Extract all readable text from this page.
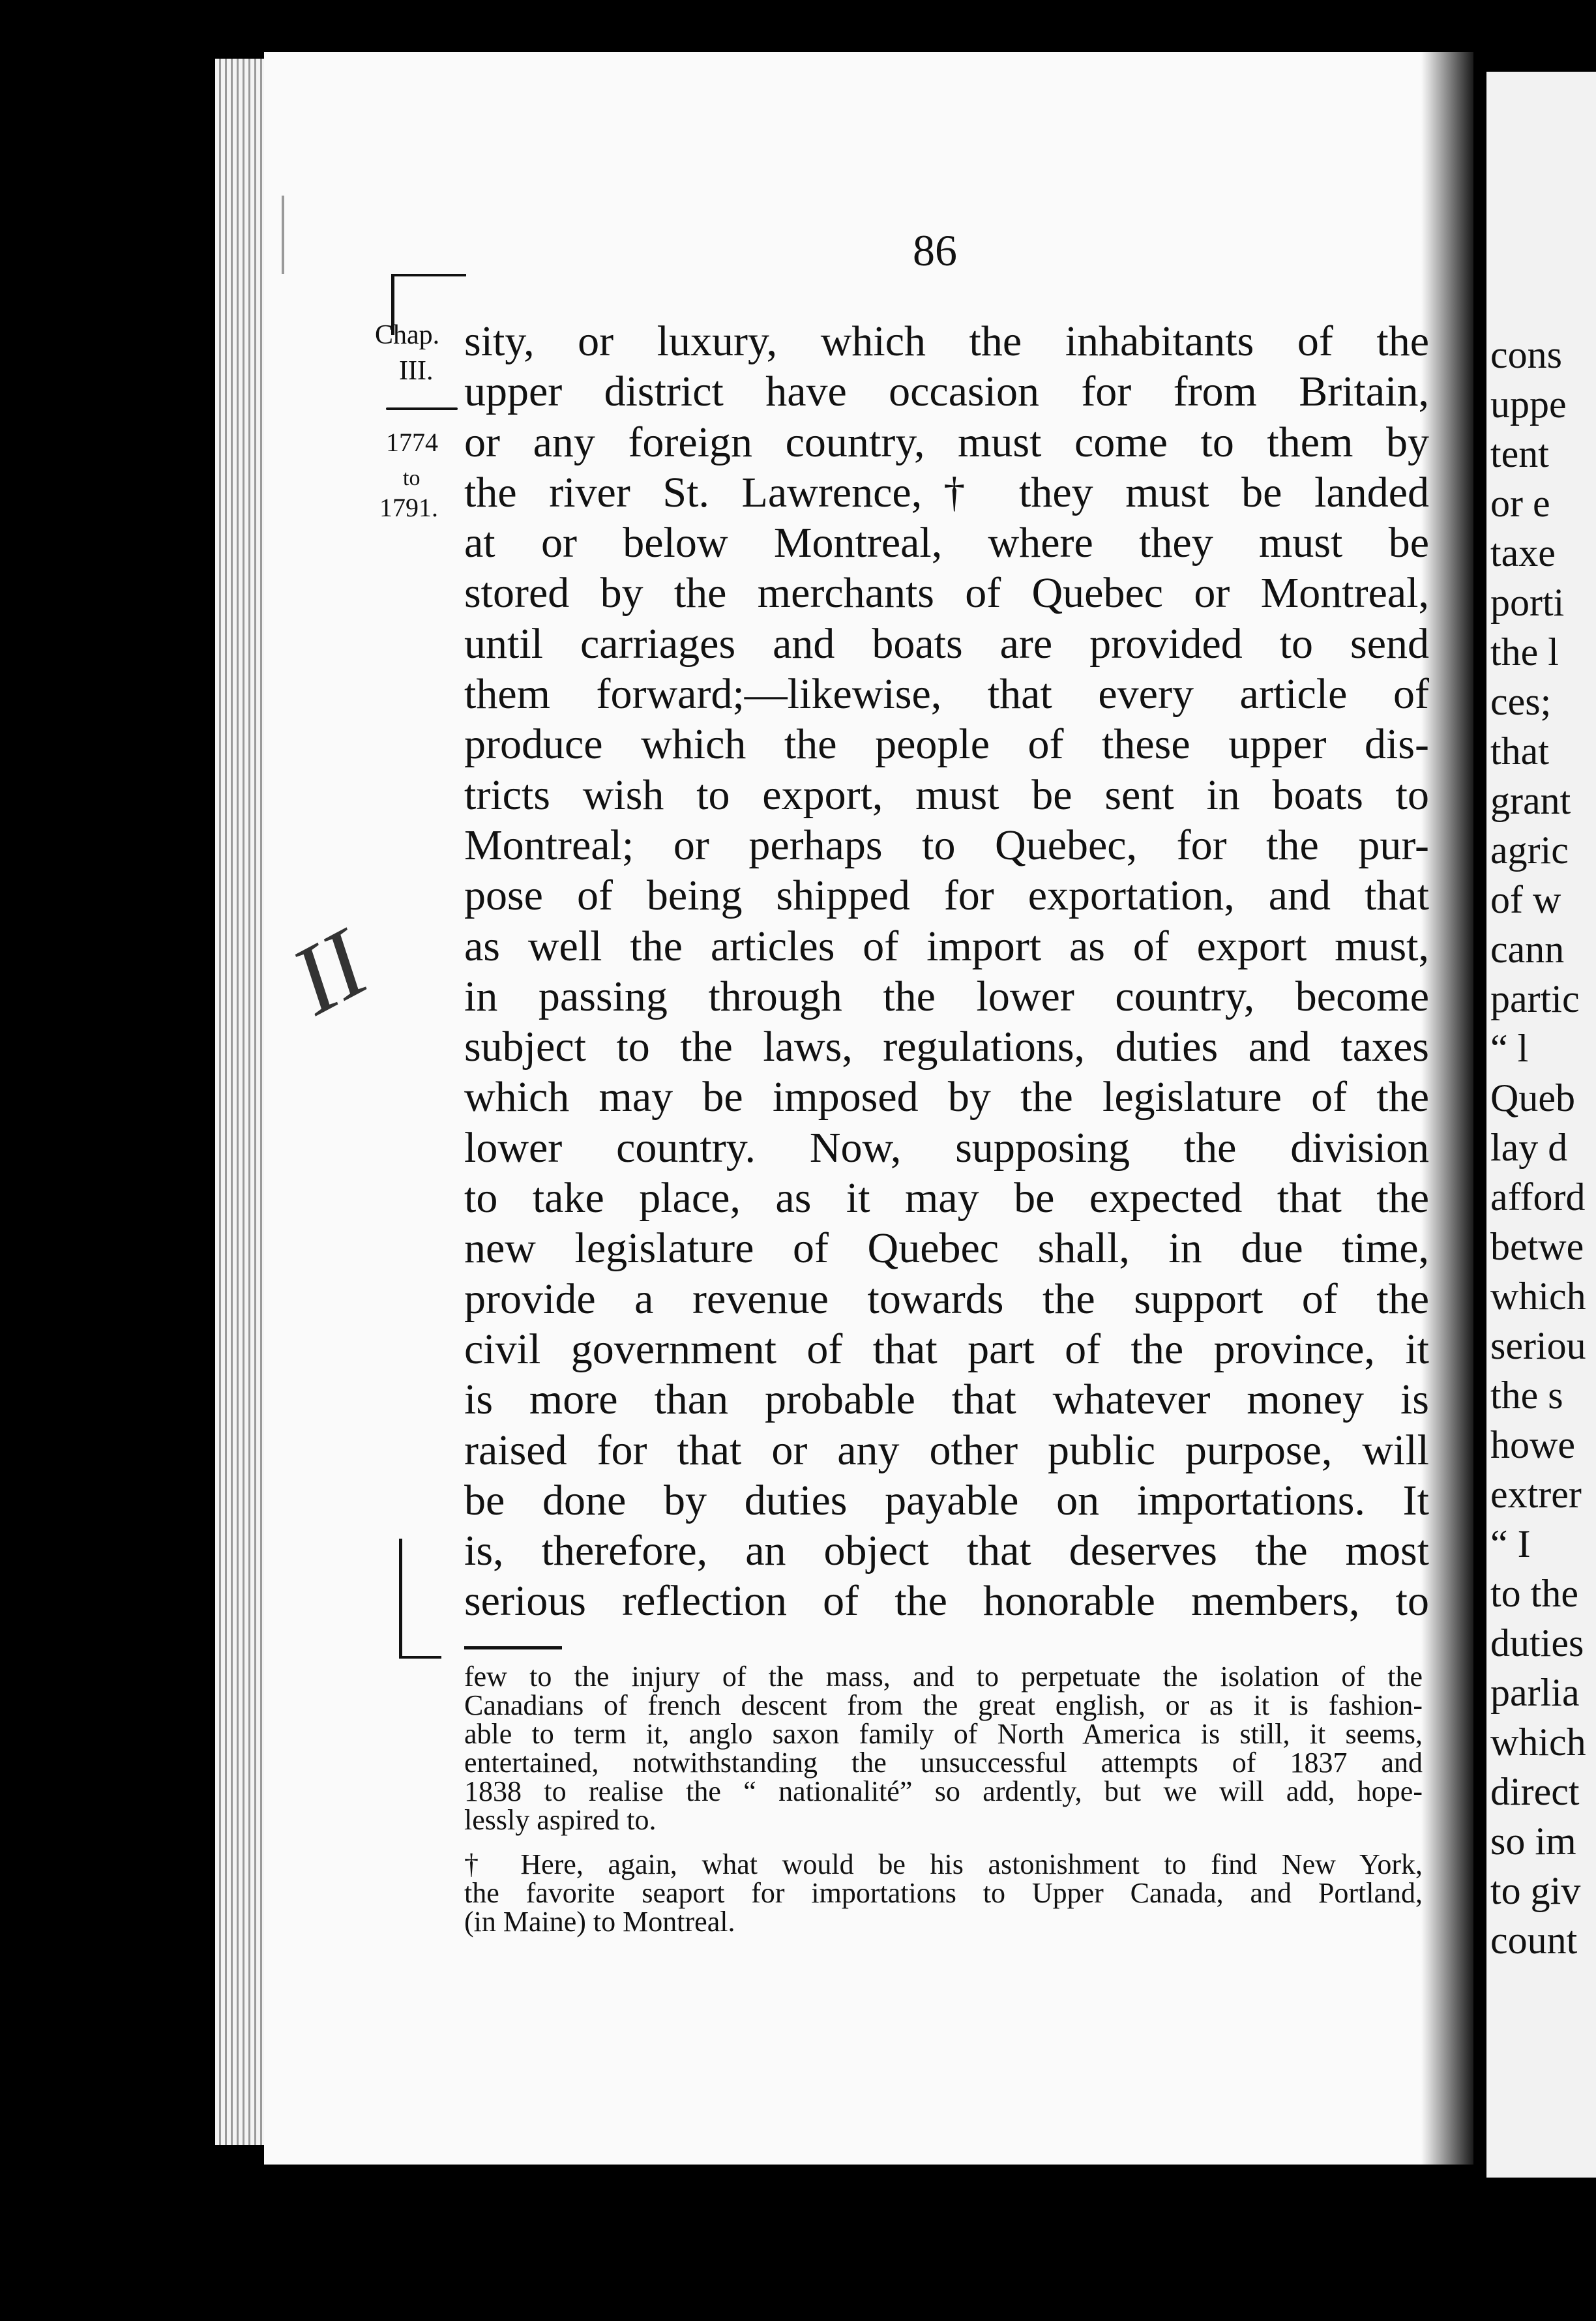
cons
uppe
tent
or e
taxe
porti
the l
ces;
that
grant
agric
of w
cann
partic
“ l
Queb
lay d
afford
betwe
which
seriou
the s
howe
extrer
“ I
to the
duties
parlia
which
direct
so im
to giv
count
86
Chap.
III.
1774
to
1791.
II
sity, or luxury, which the inhabitants of the
upper district have occasion for from Britain,
or any foreign country, must come to them by
the river St. Lawrence,† they must be landed
at or below Montreal, where they must be
stored by the merchants of Quebec or Montreal,
until carriages and boats are provided to send
them forward;—likewise, that every article of
produce which the people of these upper dis-
tricts wish to export, must be sent in boats to
Montreal; or perhaps to Quebec, for the pur-
pose of being shipped for exportation, and that
as well the articles of import as of export must,
in passing through the lower country, become
subject to the laws, regulations, duties and taxes
which may be imposed by the legislature of the
lower country. Now, supposing the division
to take place, as it may be expected that the
new legislature of Quebec shall, in due time,
provide a revenue towards the support of the
civil government of that part of the province, it
is more than probable that whatever money is
raised for that or any other public purpose, will
be done by duties payable on importations. It
is, therefore, an object that deserves the most
serious reflection of the honorable members, to
few to the injury of the mass, and to perpetuate the isolation of the
Canadians of french descent from the great english, or as it is fashion-
able to term it, anglo saxon family of North America is still, it seems,
entertained, notwithstanding the unsuccessful attempts of 1837 and
1838 to realise the “ nationalité” so ardently, but we will add, hope-
lessly aspired to.
† Here, again, what would be his astonishment to find New York,
the favorite seaport for importations to Upper Canada, and Portland,
(in Maine) to Montreal.
